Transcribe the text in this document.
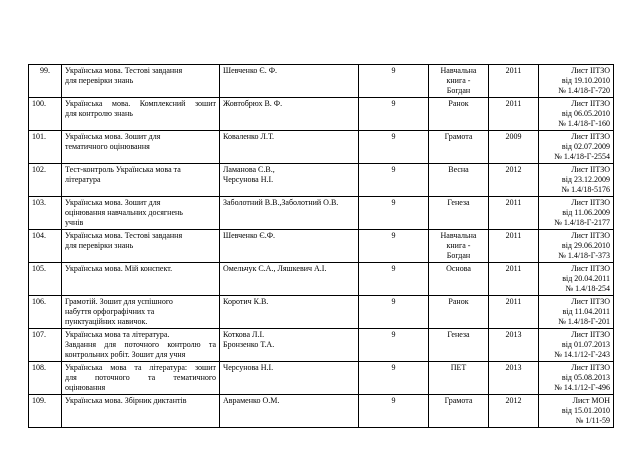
99.	Українська мова. Тестові завдання
для перевірки знань	Шевченко Є. Ф.	9	Навчальна
книга -
Богдан	2011	Лист ІІТЗО
від 19.10.2010
№ 1.4/18-Г-720

100.	Українська мова. Комплексний зошит
для контролю знань	Жовтобрюх В. Ф.	9	Ранок	2011	Лист ІІТЗО
від 06.05.2010
№ 1.4/18-Г-160

101.	Українська мова. Зошит для
тематичного оцінювання	Коваленко Л.Т.	9	Грамота	2009	Лист ІІТЗО
від 02.07.2009
№ 1.4/18-Г-2554

102.	Тест-контроль Українська мова та
література	Ламанова С.В.,
Черсунова Н.І.	9	Весна	2012	Лист ІІТЗО
від 23.12.2009
№ 1.4/18-5176

103.	Українська мова. Зошит для
оцінювання навчальних досягнень
учнів	Заболотний В.В.,Заболотний О.В.	9	Генеза	2011	Лист ІІТЗО
від 11.06.2009
№ 1.4/18-Г-2177

104.	Українська мова. Тестові завдання
для перевірки знань	Шевченко Є.Ф.	9	Навчальна
книга -
Богдан	2011	Лист ІІТЗО
від 29.06.2010
№ 1.4/18-Г-373

105.	Українська мова. Мій конспект.	Омельчук С.А., Ляшкевич А.І.	9	Основа	2011	Лист ІІТЗО
від 20.04.2011
№ 1.4/18-254

106.	Грамотій. Зошит для успішного
набуття орфографічних та
пунктуаційних навичок.	Коротич К.В.	9	Ранок	2011	Лист ІІТЗО
від 11.04.2011
№ 1.4/18-Г-201

107.	Українська мова та література.
Завдання для поточного контролю та
контрольних робіт. Зошит для учня	Коткова Л.І.
Бронзенко Т.А.	9	Генеза	2013	Лист ІІТЗО
від 01.07.2013
№ 14.1/12-Г-243

108.	Українська мова та література: зошит
для поточного та тематичного
оцінювання	Черсунова Н.І.	9	ПЕТ	2013	Лист ІІТЗО
від 05.08.2013
№ 14.1/12-Г-496

109.	Українська мова. Збірник диктантів	Авраменко О.М.	9	Грамота	2012	Лист МОН
від 15.01.2010
№ 1/11-59
